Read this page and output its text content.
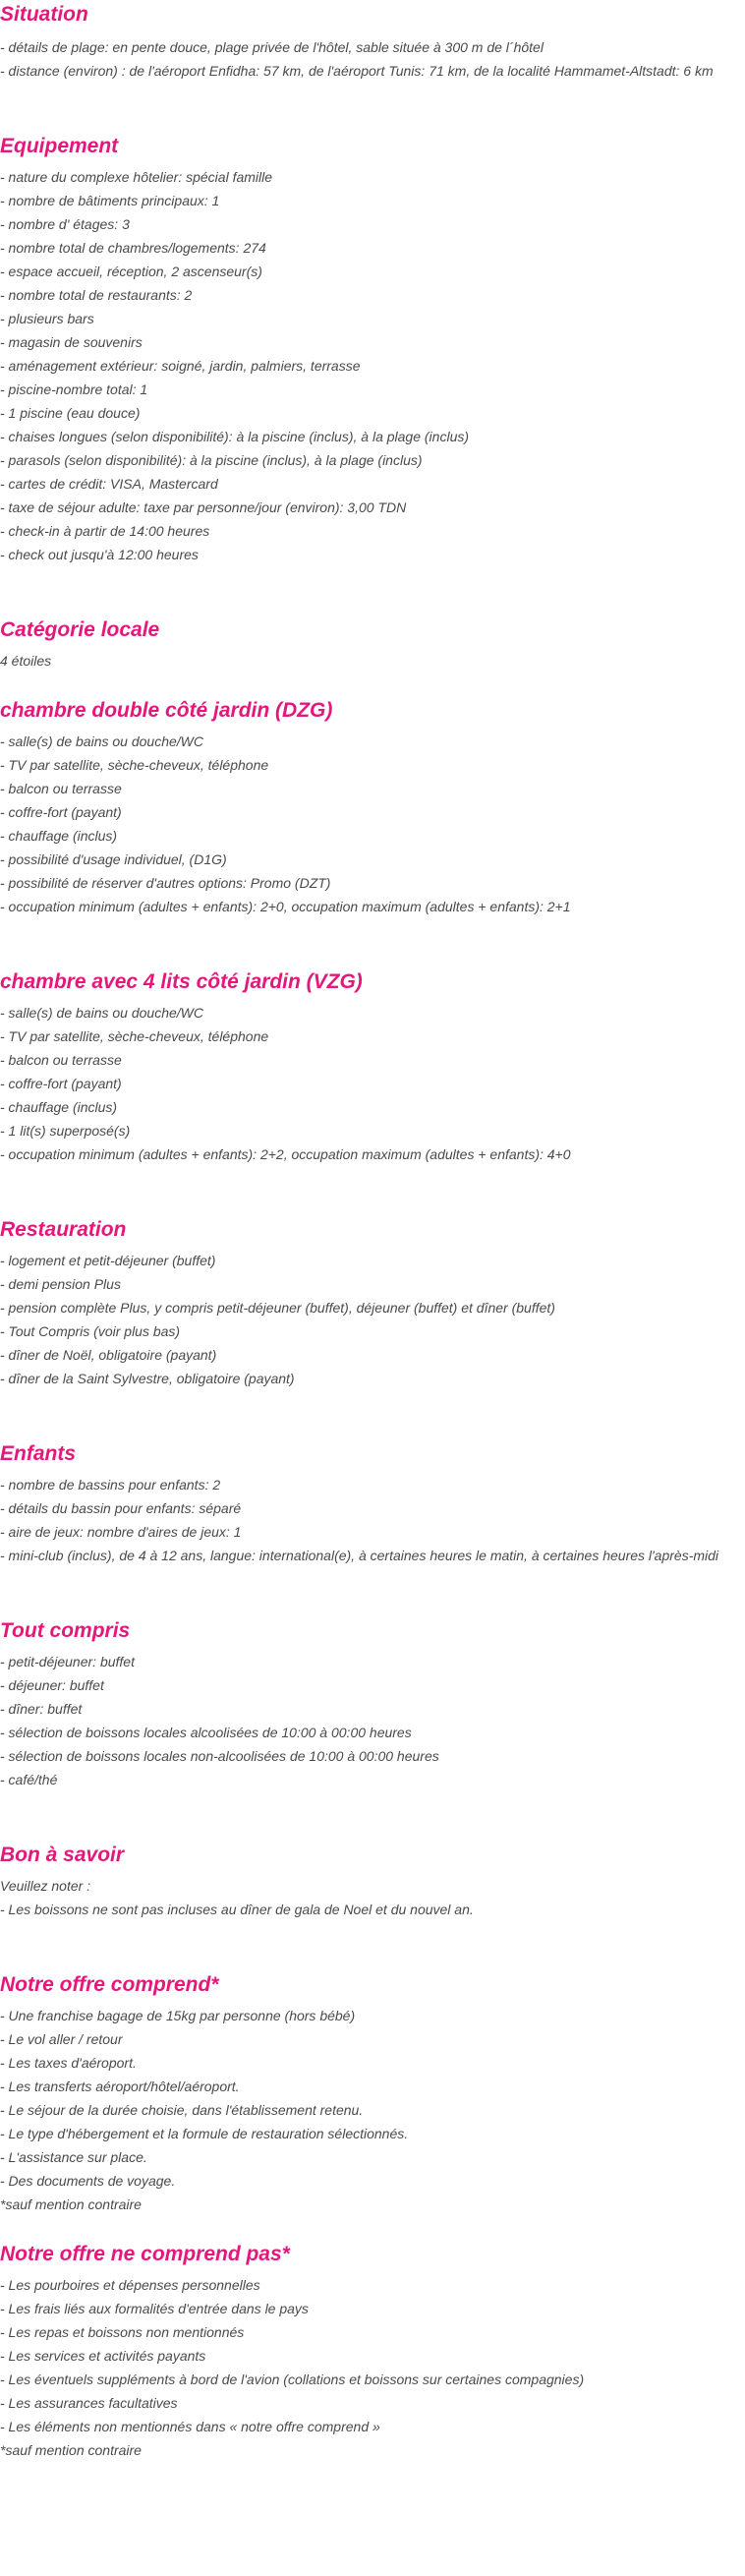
Situation

- détails de plage: en pente douce, plage privée de l'hôtel, sable située à 300 m de l´hôtel

- distance (environ) : de l'aéroport Enfidha: 57 km, de l'aéroport Tunis: 71 km, de la localité Hammamet-Altstadt: 6 km

Equipement

- nature du complexe hôtelier: spécial famille

- nombre de bâtiments principaux: 1

- nombre d' étages: 3

- nombre total de chambres/logements: 274

- espace accueil, réception, 2 ascenseur(s)

- nombre total de restaurants: 2

- plusieurs bars

- magasin de souvenirs

- aménagement extérieur: soigné, jardin, palmiers, terrasse

- piscine-nombre total: 1

- 1 piscine (eau douce)

- chaises longues (selon disponibilité): à la piscine (inclus), à la plage (inclus)

- parasols (selon disponibilité): à la piscine (inclus), à la plage (inclus)

- cartes de crédit: VISA, Mastercard

- taxe de séjour adulte: taxe par personne/jour (environ): 3,00 TDN

- check-in à partir de 14:00 heures

- check out jusqu'à 12:00 heures

Catégorie locale

4 étoiles

chambre double côté jardin (DZG)

- salle(s) de bains ou douche/WC

- TV par satellite, sèche-cheveux, téléphone

- balcon ou terrasse

- coffre-fort (payant)

- chauffage (inclus)

- possibilité d'usage individuel, (D1G)

- possibilité de réserver d'autres options: Promo (DZT)

- occupation minimum (adultes + enfants): 2+0, occupation maximum (adultes + enfants): 2+1

chambre avec 4 lits côté jardin (VZG)

- salle(s) de bains ou douche/WC

- TV par satellite, sèche-cheveux, téléphone

- balcon ou terrasse

- coffre-fort (payant)

- chauffage (inclus)

- 1 lit(s) superposé(s)

- occupation minimum (adultes + enfants): 2+2, occupation maximum (adultes + enfants): 4+0

Restauration

- logement et petit-déjeuner (buffet)

- demi pension Plus

- pension complète Plus, y compris petit-déjeuner (buffet), déjeuner (buffet) et dîner (buffet)

- Tout Compris (voir plus bas)

- dîner de Noël, obligatoire (payant)

- dîner de la Saint Sylvestre, obligatoire (payant)

Enfants

- nombre de bassins pour enfants: 2

- détails du bassin pour enfants: séparé

- aire de jeux: nombre d'aires de jeux: 1

- mini-club (inclus), de 4 à 12 ans, langue: international(e), à certaines heures le matin, à certaines heures l'après-midi

Tout compris

- petit-déjeuner: buffet

- déjeuner: buffet

- dîner: buffet

- sélection de boissons locales alcoolisées de 10:00 à 00:00 heures

- sélection de boissons locales non-alcoolisées de 10:00 à 00:00 heures

- café/thé

Bon à savoir

Veuillez noter :

- Les boissons ne sont pas incluses au dîner de gala de Noel et du nouvel an.

Notre offre comprend*

- Une franchise bagage de 15kg par personne (hors bébé)

- Le vol aller / retour

- Les taxes d'aéroport.

- Les transferts aéroport/hôtel/aéroport.

- Le séjour de la durée choisie, dans l'établissement retenu.

- Le type d'hébergement et la formule de restauration sélectionnés.

- L'assistance sur place.

- Des documents de voyage.

*sauf mention contraire

Notre offre ne comprend pas*

- Les pourboires et dépenses personnelles

- Les frais liés aux formalités d'entrée dans le pays

- Les repas et boissons non mentionnés

- Les services et activités payants

- Les éventuels suppléments à bord de l'avion (collations et boissons sur certaines compagnies)

- Les assurances facultatives

- Les éléments non mentionnés dans « notre offre comprend »

*sauf mention contraire
